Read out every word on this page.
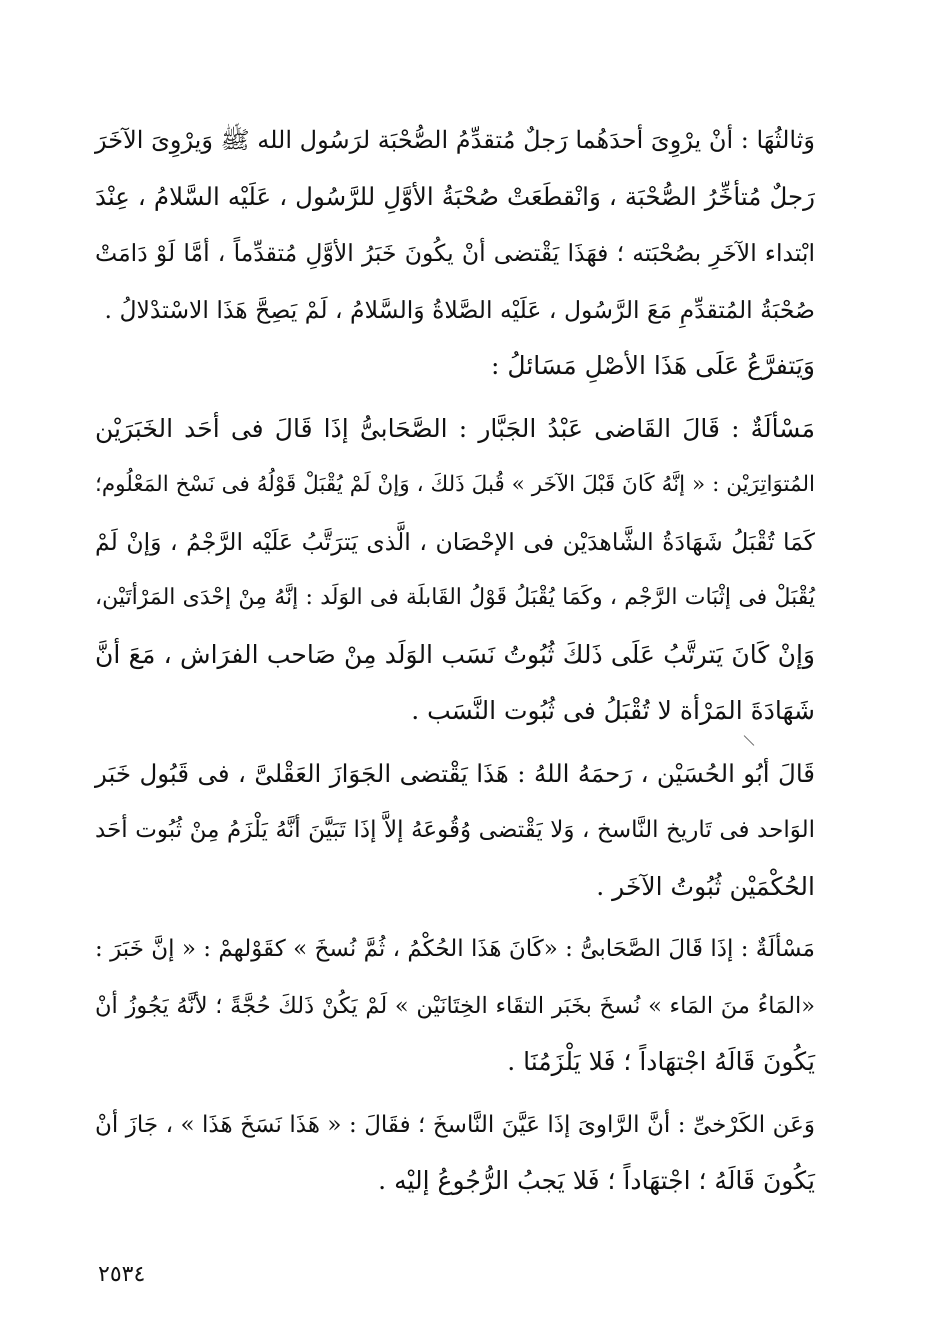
وَثالثُهَا : أنْ يرْوِىَ أحدَهُما رَجلٌ مُتقدِّمُ الصُّحْبَة لرَسُول الله ﷺ وَيرْوِىَ الآخَرَ
رَجلٌ مُتأخِّرُ الصُّحْبَة ، وَانْقطَعَتْ صُحْبَةُ الأوَّلِ للرَّسُول ، عَلَيْه السَّلامُ ، عِنْدَ
ابْتداء الآخَرِ بصُحْبَته ؛ فهَذَا يَقْتضى أنْ يكُونَ خَبَرُ الأوَّلِ مُتقدِّماً ، أمَّا لَوْ دَامَتْ
صُحْبَةُ المُتقدِّمِ مَعَ الرَّسُول ، عَلَيْه الصَّلاةُ وَالسَّلامُ ، لَمْ يَصِحَّ هَذَا الاسْتدْلالُ .

وَيَتفرَّعُ عَلَى هَذَا الأصْلِ مَسَائلُ :

مَسْألَةٌ : قَالَ القَاضى عَبْدُ الجَبَّار : الصَّحَابىُّ إذَا قَالَ فى أحَد الخَبَرَيْن
المُتوَاتِرَيْن : « إنَّهُ كَانَ قَبْلَ الآخَر » قُبلَ ذَلكَ ، وَإنْ لَمْ يُقْبَلْ قَوْلُهُ فى نَسْخ المَعْلُوم؛
كَمَا تُقْبَلُ شَهَادَةُ الشَّاهدَيْن فى الإحْصَان ، الَّذى يَترَتَّبُ عَلَيْه الرَّجْمُ ، وَإنْ لَمْ
يُقْبَلْ فى إثْبَات الرَّجْم ، وكَمَا يُقْبَلُ قَوْلُ القَابلَة فى الوَلَد : إنَّهُ مِنْ إحْدَى المَرْأتَيْن،
وَإنْ كَانَ يَترتَّبُ عَلَى ذَلكَ ثُبُوتُ نَسَب الوَلَد مِنْ صَاحب الفرَاش ، مَعَ أنَّ
شَهَادَةَ المَرْأة لا تُقْبَلُ فى ثُبُوت النَّسَب .

قَالَ أبُو الحُسَيْن ، رَحمَهُ اللهُ : هَذَا يَقْتضى الجَوَازَ العَقْلىَّ ، فى قَبُول خَبَر
الوَاحد فى تَاريخ النَّاسخ ، وَلا يَقْتضى وُقُوعَهُ إلاَّ إذَا تَبَيَّنَ أنَّهُ يَلْزَمُ مِنْ ثُبُوت أحَد
الحُكْمَيْن ثُبُوتُ الآخَر .

مَسْألَةٌ : إذَا قَالَ الصَّحَابىُّ : «كَانَ هَذَا الحُكْمُ ، ثُمَّ نُسخَ » كقَوْلهمْ : « إنَّ خَبَرَ :
«المَاءُ منَ المَاء » نُسخَ بخَبَر التقَاء الخِتَانَيْن » لَمْ يَكُنْ ذَلكَ حُجَّةً ؛ لأنَّهُ يَجُوزُ أنْ
يَكُونَ قَالَهُ اجْتهَاداً ؛ فَلا يَلْزَمُنَا .

وَعَن الكَرْخىِّ : أنَّ الرَّاوىَ إذَا عَيَّنَ النَّاسخَ ؛ فقَالَ : « هَذَا نَسَخَ هَذَا » ، جَازَ أنْ
يَكُونَ قَالَهُ ؛ اجْتهَاداً ؛ فَلا يَجبُ الرُّجُوعُ إليْه .

٢٥٣٤
